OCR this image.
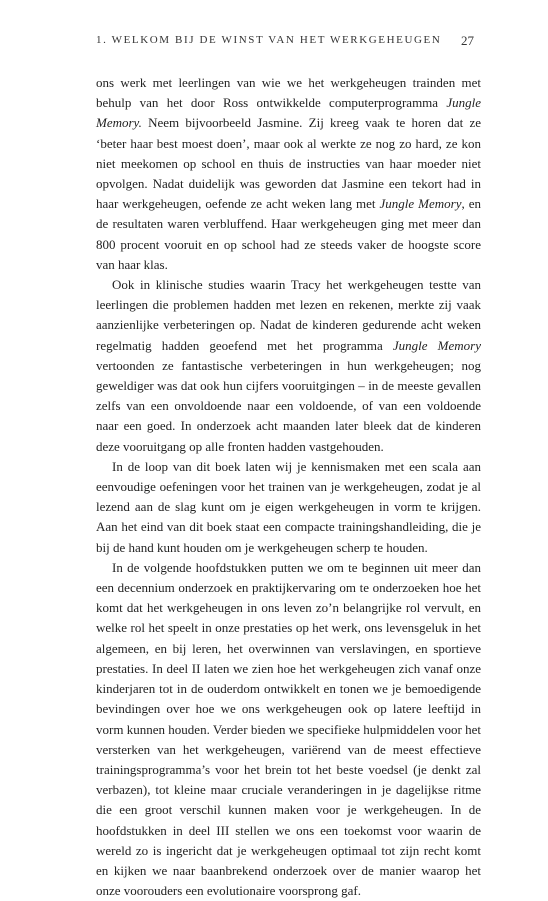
1. WELKOM BIJ DE WINST VAN HET WERKGEHEUGEN 27

ons werk met leerlingen van wie we het werkgeheugen trainden met behulp van het door Ross ontwikkelde computerprogramma Jungle Memory. Neem bijvoorbeeld Jasmine. Zij kreeg vaak te horen dat ze ‘beter haar best moest doen’, maar ook al werkte ze nog zo hard, ze kon niet meekomen op school en thuis de instructies van haar moeder niet opvolgen. Nadat duidelijk was geworden dat Jasmine een tekort had in haar werkgeheugen, oefende ze acht weken lang met Jungle Memory, en de resultaten waren verbluffend. Haar werkgeheugen ging met meer dan 800 procent vooruit en op school had ze steeds vaker de hoogste score van haar klas.

Ook in klinische studies waarin Tracy het werkgeheugen testte van leerlingen die problemen hadden met lezen en rekenen, merkte zij vaak aanzienlijke verbeteringen op. Nadat de kinderen gedurende acht weken regelmatig hadden geoefend met het programma Jungle Memory vertoonden ze fantastische verbeteringen in hun werkgeheugen; nog geweldiger was dat ook hun cijfers vooruitgingen – in de meeste gevallen zelfs van een onvoldoende naar een voldoende, of van een voldoende naar een goed. In onderzoek acht maanden later bleek dat de kinderen deze vooruitgang op alle fronten hadden vastgehouden.

In de loop van dit boek laten wij je kennismaken met een scala aan eenvoudige oefeningen voor het trainen van je werkgeheugen, zodat je al lezend aan de slag kunt om je eigen werkgeheugen in vorm te krijgen. Aan het eind van dit boek staat een compacte trainingshandleiding, die je bij de hand kunt houden om je werkgeheugen scherp te houden.

In de volgende hoofdstukken putten we om te beginnen uit meer dan een decennium onderzoek en praktijkervaring om te onderzoeken hoe het komt dat het werkgeheugen in ons leven zo’n belangrijke rol vervult, en welke rol het speelt in onze prestaties op het werk, ons levensgeluk in het algemeen, en bij leren, het overwinnen van verslavingen, en sportieve prestaties. In deel II laten we zien hoe het werkgeheugen zich vanaf onze kinderjaren tot in de ouderdom ontwikkelt en tonen we je bemoedigende bevindingen over hoe we ons werkgeheugen ook op latere leeftijd in vorm kunnen houden. Verder bieden we specifieke hulpmiddelen voor het versterken van het werkgeheugen, variërend van de meest effectieve trainingsprogramma’s voor het brein tot het beste voedsel (je denkt zal verbazen), tot kleine maar cruciale veranderingen in je dagelijkse ritme die een groot verschil kunnen maken voor je werkgeheugen. In de hoofdstukken in deel III stellen we ons een toekomst voor waarin de wereld zo is ingericht dat je werkgeheugen optimaal tot zijn recht komt en kijken we naar baanbrekend onderzoek over de manier waarop het onze voorouders een evolutionaire voorsprong gaf.
